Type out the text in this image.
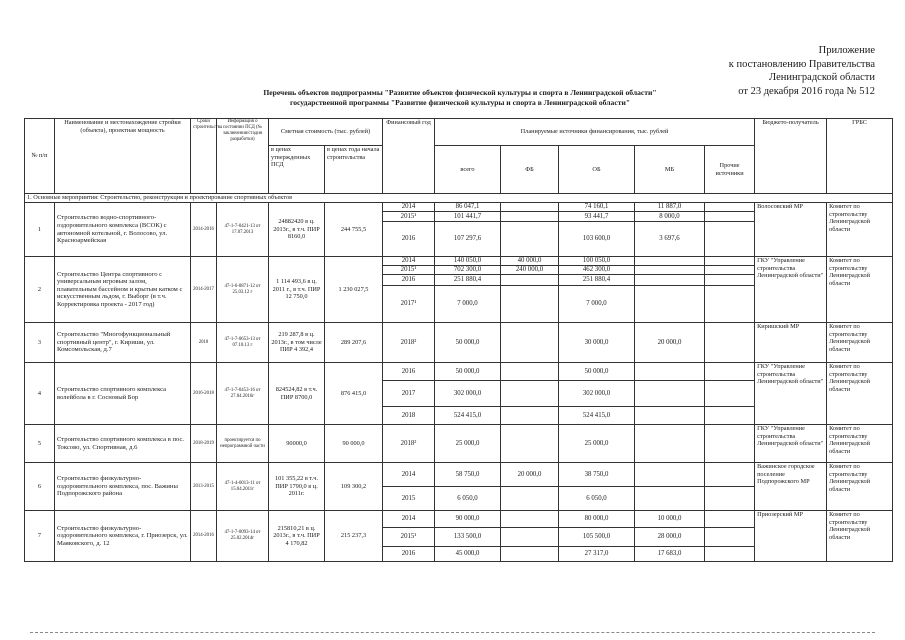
Приложение
к постановлению Правительства
Ленинградской области
от 23 декабря 2016 года № 512
Перечень объектов подпрограммы "Развитие объектов физической культуры и спорта в Ленинградской области"
государственной программы "Развитие физической культуры и спорта в Ленинградской области"
№ п/п	Наименование и местонахождение стройки (объекта), проектная мощность	Сроки строительства	Информация о состоянии ПСД (№ заключения/стадия разработки)	Сметная стоимость (тыс. рублей)		Финансовый год	Планируемые источники финансирования, тыс. рублей					Бюджето-получатель	ГРБС
				в ценах утвержденных ПСД	в ценах года начала строительства		всего	ФБ	ОБ	МБ	Прочие источники		
1. Основные мероприятия: Строительство, реконструкция и проектирование спортивных объектов													
1	Строительство водно-спортивного-оздоровительного комплекса (ВСОК) с автономной котельной, г. Волосово, ул. Красноармейская	2014-2016	47-1-7-0421-13 от 17.07.2013	24882420 в ц. 2013г., в т.ч. ПИР 8160,0	244 755,5	2014	86 047,1		74 160,1	11 887,0		Волосовский МР	Комитет по строительству Ленинградской области
						2015¹	101 441,7		93 441,7	8 000,0			
						2016	107 297,6		103 600,0	3 697,6			
2	Строительство Центра спортивного с универсальным игровым залом, плавательным бассейном и крытым катком с искусственным льдом, г. Выборг (в т.ч. Корректировка проекта - 2017 год)	2014-2017	47-1-6-0871-12 от 25.03.12 г	1 114 493,6 в ц. 2011 г., в т.ч. ПИР 12 750,0	1 230 027,5	2014	140 050,0	40 000,0	100 050,0			ГКУ "Управление строительства Ленинградской области"	Комитет по строительству Ленинградской области
						2015¹	702 300,0	240 000,0	462 300,0				
						2016	251 880,4		251 880,4				
						2017¹	7 000,0		7 000,0				
3	Строительство "Многофункциональный спортивный центр", г. Кириши, ул. Комсомольская, д.7	2018	47-1-7-0653-13 от 07.10.13 г	219 287,8 в ц. 2013г., в том числе ПИР 4 392,4	289 207,6	2018²	50 000,0		30 000,0	20 000,0		Киришский МР	Комитет по строительству Ленинградской области
4	Строительство спортивного комплекса волейбола в г. Сосновый Бор	2016-2018	47-1-7-0453-16 от 27.04.2016г	824524,82 в т.ч. ПИР 8700,0	876 415,0	2016	50 000,0		50 000,0			ГКУ "Управление строительства Ленинградской области"	Комитет по строительству Ленинградской области
						2017	302 000,0		302 000,0				
						2018	524 415,0		524 415,0				
5	Строительство спортивного комплекса в пос. Токсово, ул. Спортивная, д.6	2018-2019	проектируется по непрограммной части	90000,0	90 000,0	2018²	25 000,0		25 000,0			ГКУ "Управление строительства Ленинградской области"	Комитет по строительству Ленинградской области
6	Строительство физкультурно-оздоровительного комплекса, пос. Важины Подпорожского района	2013-2015	47-1-4-0013-11 от 15.04.2011г	101 355,22 в т.ч. ПИР 1790,0 в ц. 2011г.	109 300,2	2014	58 750,0	20 000,0	38 750,0			Важинское городское поселение Подпорожского МР	Комитет по строительству Ленинградской области
						2015	6 050,0		6 050,0				
7	Строительство физкультурно-оздоровительного комплекса, г. Приозерск, ул. Маяковского, д. 12	2014-2016	47-1-7-0093-14 от 25.02.2014г	215810,21 в ц. 2013г., в т.ч. ПИР 4 170,82	215 237,3	2014	90 000,0		80 000,0	10 000,0		Приозерский МР	Комитет по строительству Ленинградской области
						2015¹	133 500,0		105 500,0	28 000,0			
						2016	45 000,0		27 317,0	17 683,0			
